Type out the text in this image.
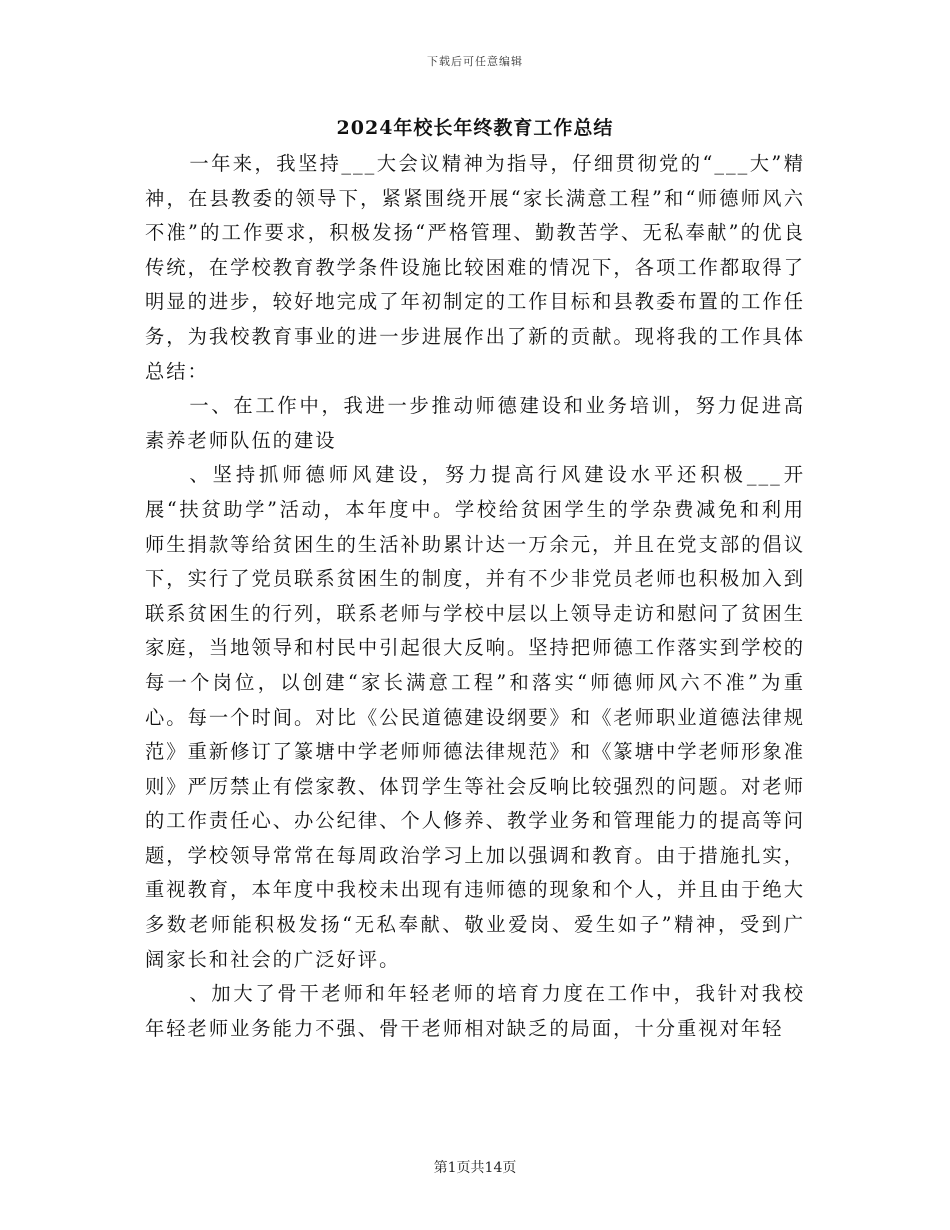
下载后可任意编辑
2024年校长年终教育工作总结

一年来，我坚持___大会议精神为指导，仔细贯彻党的“___大”精神，在县教委的领导下，紧紧围绕开展“家长满意工程”和“师德师风六不准”的工作要求，积极发扬“严格管理、勤教苦学、无私奉献”的优良传统，在学校教育教学条件设施比较困难的情况下，各项工作都取得了明显的进步，较好地完成了年初制定的工作目标和县教委布置的工作任务，为我校教育事业的进一步进展作出了新的贡献。现将我的工作具体总结：

一、在工作中，我进一步推动师德建设和业务培训，努力促进高素养老师队伍的建设

、坚持抓师德师风建设，努力提高行风建设水平还积极___开展“扶贫助学”活动，本年度中。学校给贫困学生的学杂费减免和利用师生捐款等给贫困生的生活补助累计达一万余元，并且在党支部的倡议下，实行了党员联系贫困生的制度，并有不少非党员老师也积极加入到联系贫困生的行列，联系老师与学校中层以上领导走访和慰问了贫困生家庭，当地领导和村民中引起很大反响。坚持把师德工作落实到学校的每一个岗位，以创建“家长满意工程”和落实“师德师风六不准”为重心。每一个时间。对比《公民道德建设纲要》和《老师职业道德法律规范》重新修订了篆塘中学老师师德法律规范》和《篆塘中学老师形象准则》严厉禁止有偿家教、体罚学生等社会反响比较强烈的问题。对老师的工作责任心、办公纪律、个人修养、教学业务和管理能力的提高等问题，学校领导常常在每周政治学习上加以强调和教育。由于措施扎实，重视教育，本年度中我校未出现有违师德的现象和个人，并且由于绝大多数老师能积极发扬“无私奉献、敬业爱岗、爱生如子”精神，受到广阔家长和社会的广泛好评。

、加大了骨干老师和年轻老师的培育力度在工作中，我针对我校年轻老师业务能力不强、骨干老师相对缺乏的局面，十分重视对年轻

第1页共14页
